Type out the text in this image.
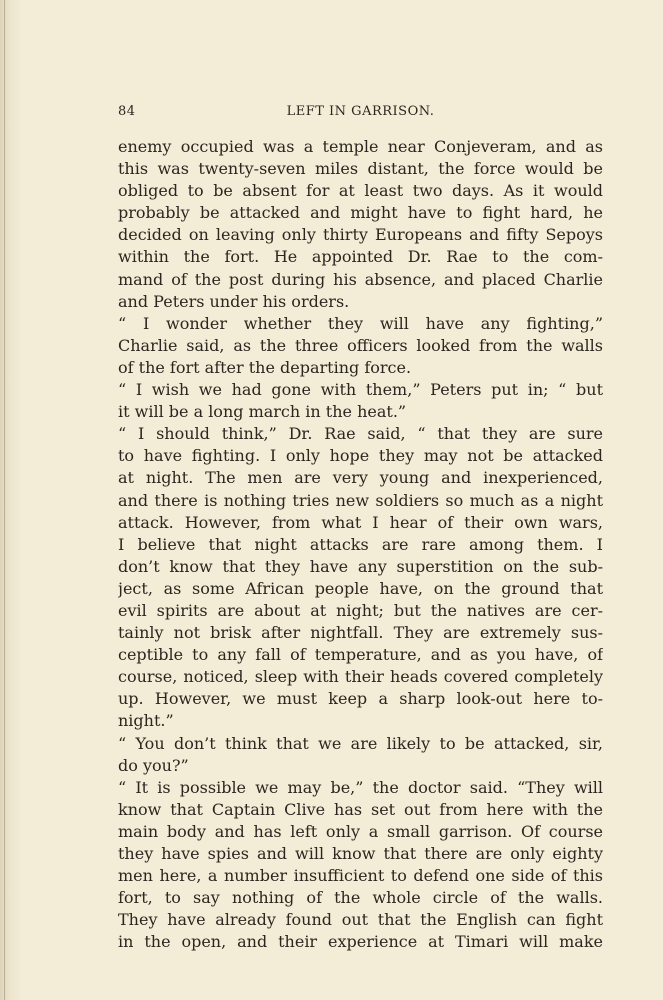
84	LEFT IN GARRISON.
enemy occupied was a temple near Conjeveram, and as
this was twenty-seven miles distant, the force would be
obliged to be absent for at least two days. As it would
probably be attacked and might have to fight hard, he
decided on leaving only thirty Europeans and fifty Sepoys
within the fort. He appointed Dr. Rae to the com-
mand of the post during his absence, and placed Charlie
and Peters under his orders.
“ I wonder whether they will have any fighting,”
Charlie said, as the three officers looked from the walls
of the fort after the departing force.
“ I wish we had gone with them,” Peters put in; “ but
it will be a long march in the heat.”
“ I should think,” Dr. Rae said, “ that they are sure
to have fighting. I only hope they may not be attacked
at night. The men are very young and inexperienced,
and there is nothing tries new soldiers so much as a night
attack. However, from what I hear of their own wars,
I believe that night attacks are rare among them. I
don’t know that they have any superstition on the sub-
ject, as some African people have, on the ground that
evil spirits are about at night; but the natives are cer-
tainly not brisk after nightfall. They are extremely sus-
ceptible to any fall of temperature, and as you have, of
course, noticed, sleep with their heads covered completely
up. However, we must keep a sharp look-out here to-
night.”
“ You don’t think that we are likely to be attacked, sir,
do you?”
“ It is possible we may be,” the doctor said. “They will
know that Captain Clive has set out from here with the
main body and has left only a small garrison. Of course
they have spies and will know that there are only eighty
men here, a number insufficient to defend one side of this
fort, to say nothing of the whole circle of the walls.
They have already found out that the English can fight
in the open, and their experience at Timari will make
